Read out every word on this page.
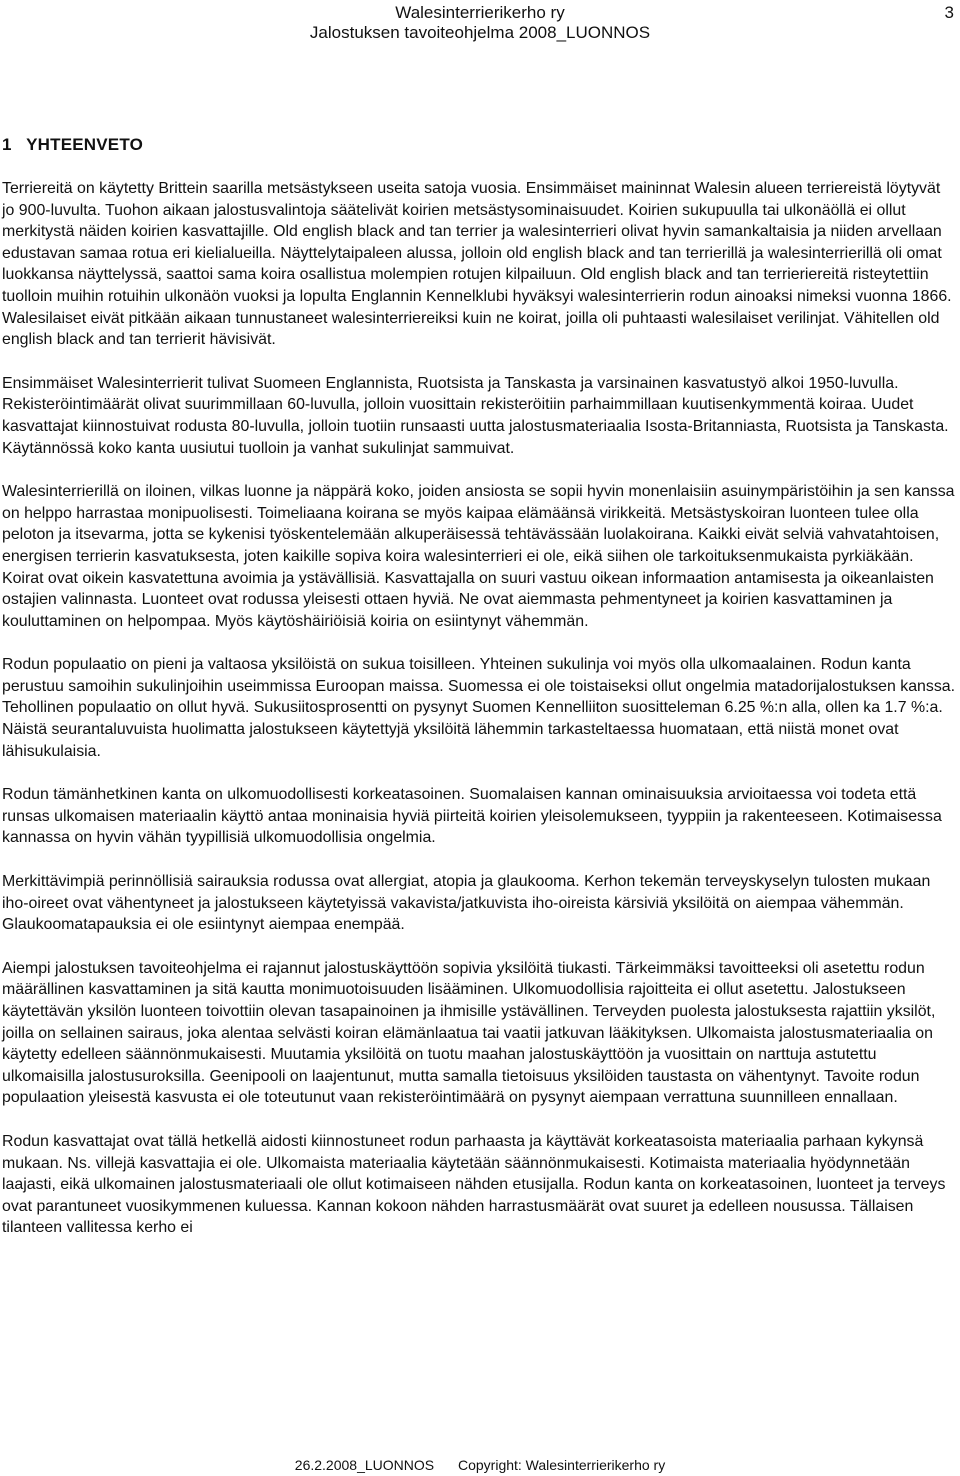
Walesinterrierikerho ry
Jalostuksen tavoiteohjelma 2008_LUONNOS
3
1   YHTEENVETO

Terriereitä on käytetty Brittein saarilla metsästykseen useita satoja vuosia. Ensimmäiset maininnat Walesin alueen terriereistä löytyvät jo 900-luvulta. Tuohon aikaan jalostusvalintoja säätelivät koirien metsästysominaisuudet. Koirien sukupuulla tai ulkonäöllä ei ollut merkitystä näiden koirien kasvattajille. Old english black and tan terrier ja walesinterrieri olivat hyvin samankaltaisia ja niiden arvellaan edustavan samaa rotua eri kielialueilla. Näyttelytaipaleen alussa, jolloin old english black and tan terrierillä ja walesinterrierillä oli omat luokkansa näyttelyssä, saattoi sama koira osallistua molempien rotujen kilpailuun. Old english black and tan terrieriereitä risteytettiin tuolloin muihin rotuihin ulkonäön vuoksi ja lopulta Englannin Kennelklubi hyväksyi walesinterrierin rodun ainoaksi nimeksi vuonna 1866. Walesilaiset eivät pitkään aikaan tunnustaneet walesinterriereiksi kuin ne koirat, joilla oli puhtaasti walesilaiset verilinjat. Vähitellen old english black and tan terrierit hävisivät.

Ensimmäiset Walesinterrierit tulivat Suomeen Englannista, Ruotsista ja Tanskasta ja varsinainen kasvatustyö alkoi 1950-luvulla. Rekisteröintimäärät olivat suurimmillaan 60-luvulla, jolloin vuosittain rekisteröitiin parhaimmillaan kuutisenkymmentä koiraa. Uudet kasvattajat kiinnostuivat rodusta 80-luvulla, jolloin tuotiin runsaasti uutta jalostusmateriaalia Isosta-Britanniasta, Ruotsista ja Tanskasta. Käytännössä koko kanta uusiutui tuolloin ja vanhat sukulinjat sammuivat.

Walesinterrierillä on iloinen, vilkas luonne ja näppärä koko, joiden ansiosta se sopii hyvin monenlaisiin asuinympäristöihin ja sen kanssa on helppo harrastaa monipuolisesti. Toimeliaana koirana se myös kaipaa elämäänsä virikkeitä. Metsästyskoiran luonteen tulee olla peloton ja itsevarma, jotta se kykenisi työskentelemään alkuperäisessä tehtävässään luolakoirana. Kaikki eivät selviä vahvatahtoisen, energisen terrierin kasvatuksesta, joten kaikille sopiva koira walesinterrieri ei ole, eikä siihen ole tarkoituksenmukaista pyrkiäkään. Koirat ovat oikein kasvatettuna avoimia ja ystävällisiä. Kasvattajalla on suuri vastuu oikean informaation antamisesta ja oikeanlaisten ostajien valinnasta. Luonteet ovat rodussa yleisesti ottaen hyviä. Ne ovat aiemmasta pehmentyneet ja koirien kasvattaminen ja kouluttaminen on helpompaa. Myös käytöshäiriöisiä koiria on esiintynyt vähemmän.

Rodun populaatio on pieni ja valtaosa yksilöistä on sukua toisilleen. Yhteinen sukulinja voi myös olla ulkomaalainen. Rodun kanta perustuu samoihin sukulinjoihin useimmissa Euroopan maissa. Suomessa ei ole toistaiseksi ollut ongelmia matadorijalostuksen kanssa. Tehollinen populaatio on ollut hyvä. Sukusiitosprosentti on pysynyt Suomen Kennelliiton suositteleman 6.25 %:n alla, ollen ka 1.7 %:a. Näistä seurantaluvuista huolimatta jalostukseen käytettyjä yksilöitä lähemmin tarkasteltaessa huomataan, että niistä monet ovat lähisukulaisia.

Rodun tämänhetkinen kanta on ulkomuodollisesti korkeatasoinen. Suomalaisen kannan ominaisuuksia arvioitaessa voi todeta että runsas ulkomaisen materiaalin käyttö antaa moninaisia hyviä piirteitä koirien yleisolemukseen, tyyppiin ja rakenteeseen. Kotimaisessa kannassa on hyvin vähän tyypillisiä ulkomuodollisia ongelmia.

Merkittävimpiä perinnöllisiä sairauksia rodussa ovat allergiat, atopia ja glaukooma. Kerhon tekemän terveyskyselyn tulosten mukaan iho-oireet ovat vähentyneet ja jalostukseen käytetyissä vakavista/jatkuvista iho-oireista kärsiviä yksilöitä on aiempaa vähemmän. Glaukoomatapauksia ei ole esiintynyt aiempaa enempää.

Aiempi jalostuksen tavoiteohjelma ei rajannut jalostuskäyttöön sopivia yksilöitä tiukasti. Tärkeimmäksi tavoitteeksi oli asetettu rodun määrällinen kasvattaminen ja sitä kautta monimuotoisuuden lisääminen. Ulkomuodollisia rajoitteita ei ollut asetettu. Jalostukseen käytettävän yksilön luonteen toivottiin olevan tasapainoinen ja ihmisille ystävällinen. Terveyden puolesta jalostuksesta rajattiin yksilöt, joilla on sellainen sairaus, joka alentaa selvästi koiran elämänlaatua tai vaatii jatkuvan lääkityksen. Ulkomaista jalostusmateriaalia on käytetty edelleen säännönmukaisesti. Muutamia yksilöitä on tuotu maahan jalostuskäyttöön ja vuosittain on narttuja astutettu ulkomaisilla jalostusuroksilla. Geenipooli on laajentunut, mutta samalla tietoisuus yksilöiden taustasta on vähentynyt. Tavoite rodun populaation yleisestä kasvusta ei ole toteutunut vaan rekisteröintimäärä on pysynyt aiempaan verrattuna suunnilleen ennallaan.

Rodun kasvattajat ovat tällä hetkellä aidosti kiinnostuneet rodun parhaasta ja käyttävät korkeatasoista materiaalia parhaan kykynsä mukaan. Ns. villejä kasvattajia ei ole. Ulkomaista materiaalia käytetään säännönmukaisesti. Kotimaista materiaalia hyödynnetään laajasti, eikä ulkomainen jalostusmateriaali ole ollut kotimaiseen nähden etusijalla. Rodun kanta on korkeatasoinen, luonteet ja terveys ovat parantuneet vuosikymmenen kuluessa. Kannan kokoon nähden harrastusmäärät ovat suuret ja edelleen nousussa. Tällaisen tilanteen vallitessa kerho ei

26.2.2008_LUONNOS Copyright: Walesinterrierikerho ry
